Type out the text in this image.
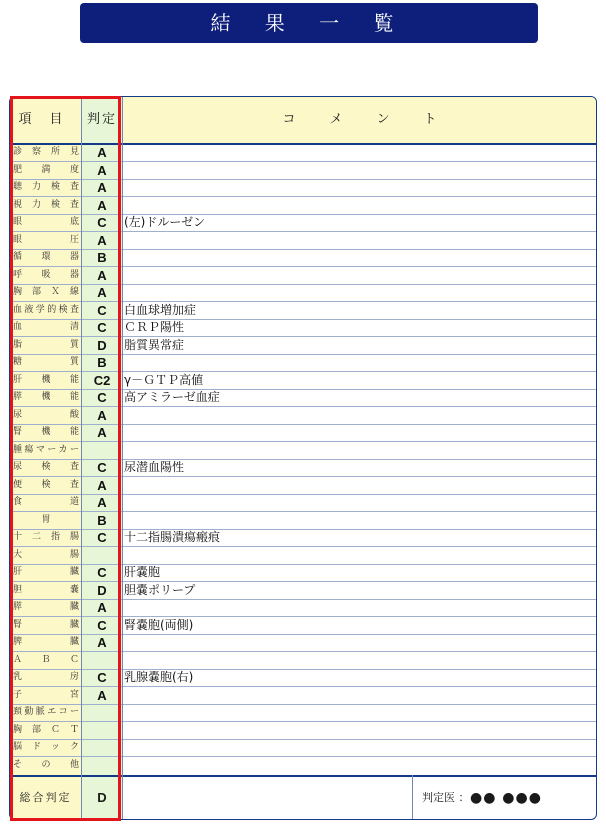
結 果 一 覧
項目 判定	コメント
診察所見	A
肥満度	A
聴力検査	A
視力検査	A
眼底	C	(左)ドルーゼン
眼圧	A
循環器	B
呼吸器	A
胸部Ｘ線	A
血液学的検査	C	白血球増加症
血清	C	ＣＲＰ陽性
脂質	D	脂質異常症
糖質	B
肝機能	C2	γ－ＧＴＰ高値
膵機能	C	高アミラーゼ血症
尿酸	A
腎機能	A
腫瘍マーカー
尿検査	C	尿潜血陽性
便検査	A
食道	A
胃	B
十二指腸	C	十二指腸潰瘍瘢痕
大腸
肝臓	C	肝嚢胞
胆嚢	D	胆嚢ポリープ
膵臓	A
腎臓	C	腎嚢胞(両側)
脾臓	A
ＡＢＣ
乳房	C	乳腺嚢胞(右)
子宮	A
頚動脈エコー
胸部ＣＴ
脳ドック
その他
総合判定	D	判定医 ： ●● ●●●
